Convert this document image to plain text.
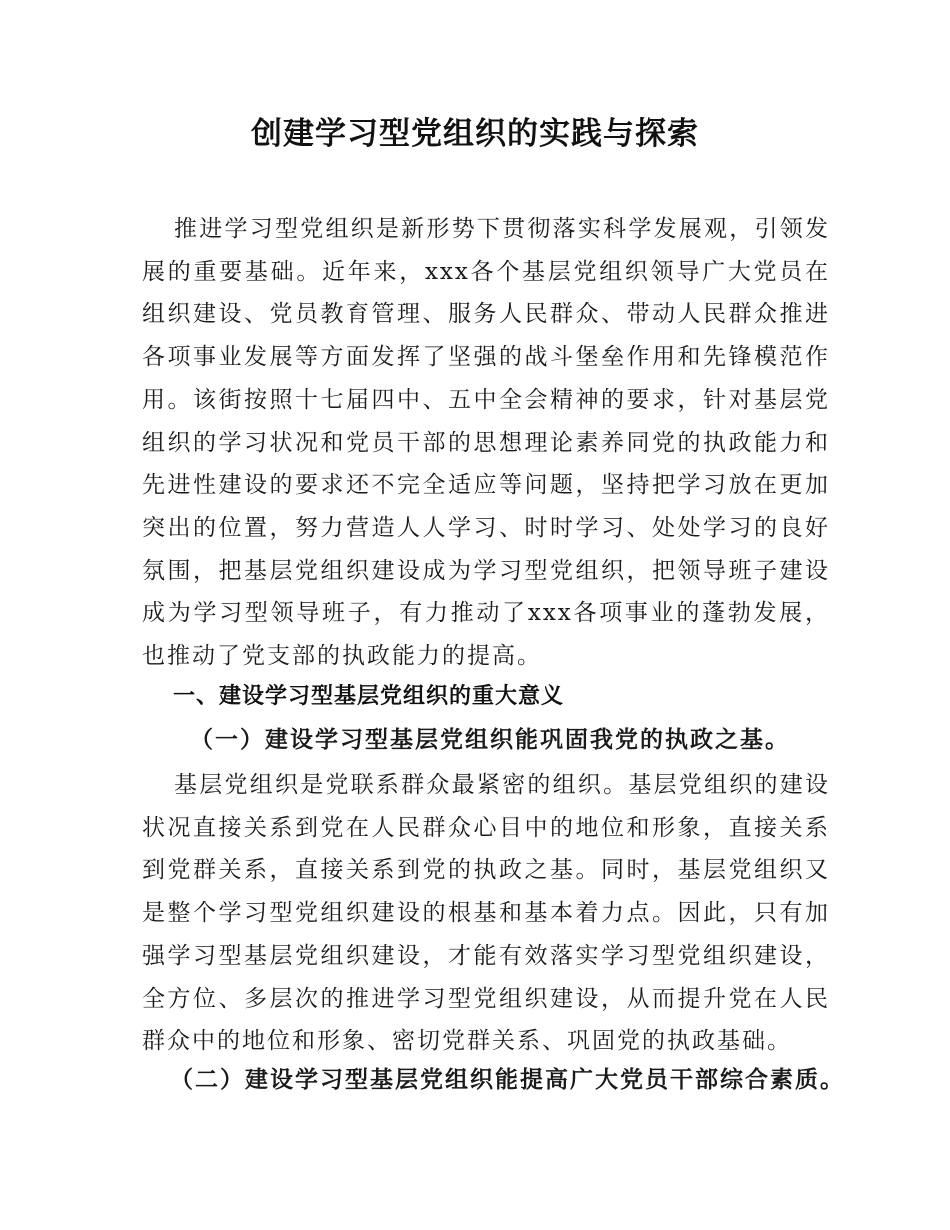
创建学习型党组织的实践与探索

推进学习型党组织是新形势下贯彻落实科学发展观，引领发展的重要基础。近年来，xxx各个基层党组织领导广大党员在组织建设、党员教育管理、服务人民群众、带动人民群众推进各项事业发展等方面发挥了坚强的战斗堡垒作用和先锋模范作用。该街按照十七届四中、五中全会精神的要求，针对基层党组织的学习状况和党员干部的思想理论素养同党的执政能力和先进性建设的要求还不完全适应等问题，坚持把学习放在更加突出的位置，努力营造人人学习、时时学习、处处学习的良好氛围，把基层党组织建设成为学习型党组织，把领导班子建设成为学习型领导班子，有力推动了xxx各项事业的蓬勃发展，也推动了党支部的执政能力的提高。

一、建设学习型基层党组织的重大意义
（一）建设学习型基层党组织能巩固我党的执政之基。

基层党组织是党联系群众最紧密的组织。基层党组织的建设状况直接关系到党在人民群众心目中的地位和形象，直接关系到党群关系，直接关系到党的执政之基。同时，基层党组织又是整个学习型党组织建设的根基和基本着力点。因此，只有加强学习型基层党组织建设，才能有效落实学习型党组织建设，全方位、多层次的推进学习型党组织建设，从而提升党在人民群众中的地位和形象、密切党群关系、巩固党的执政基础。

（二）建设学习型基层党组织能提高广大党员干部综合素质。
